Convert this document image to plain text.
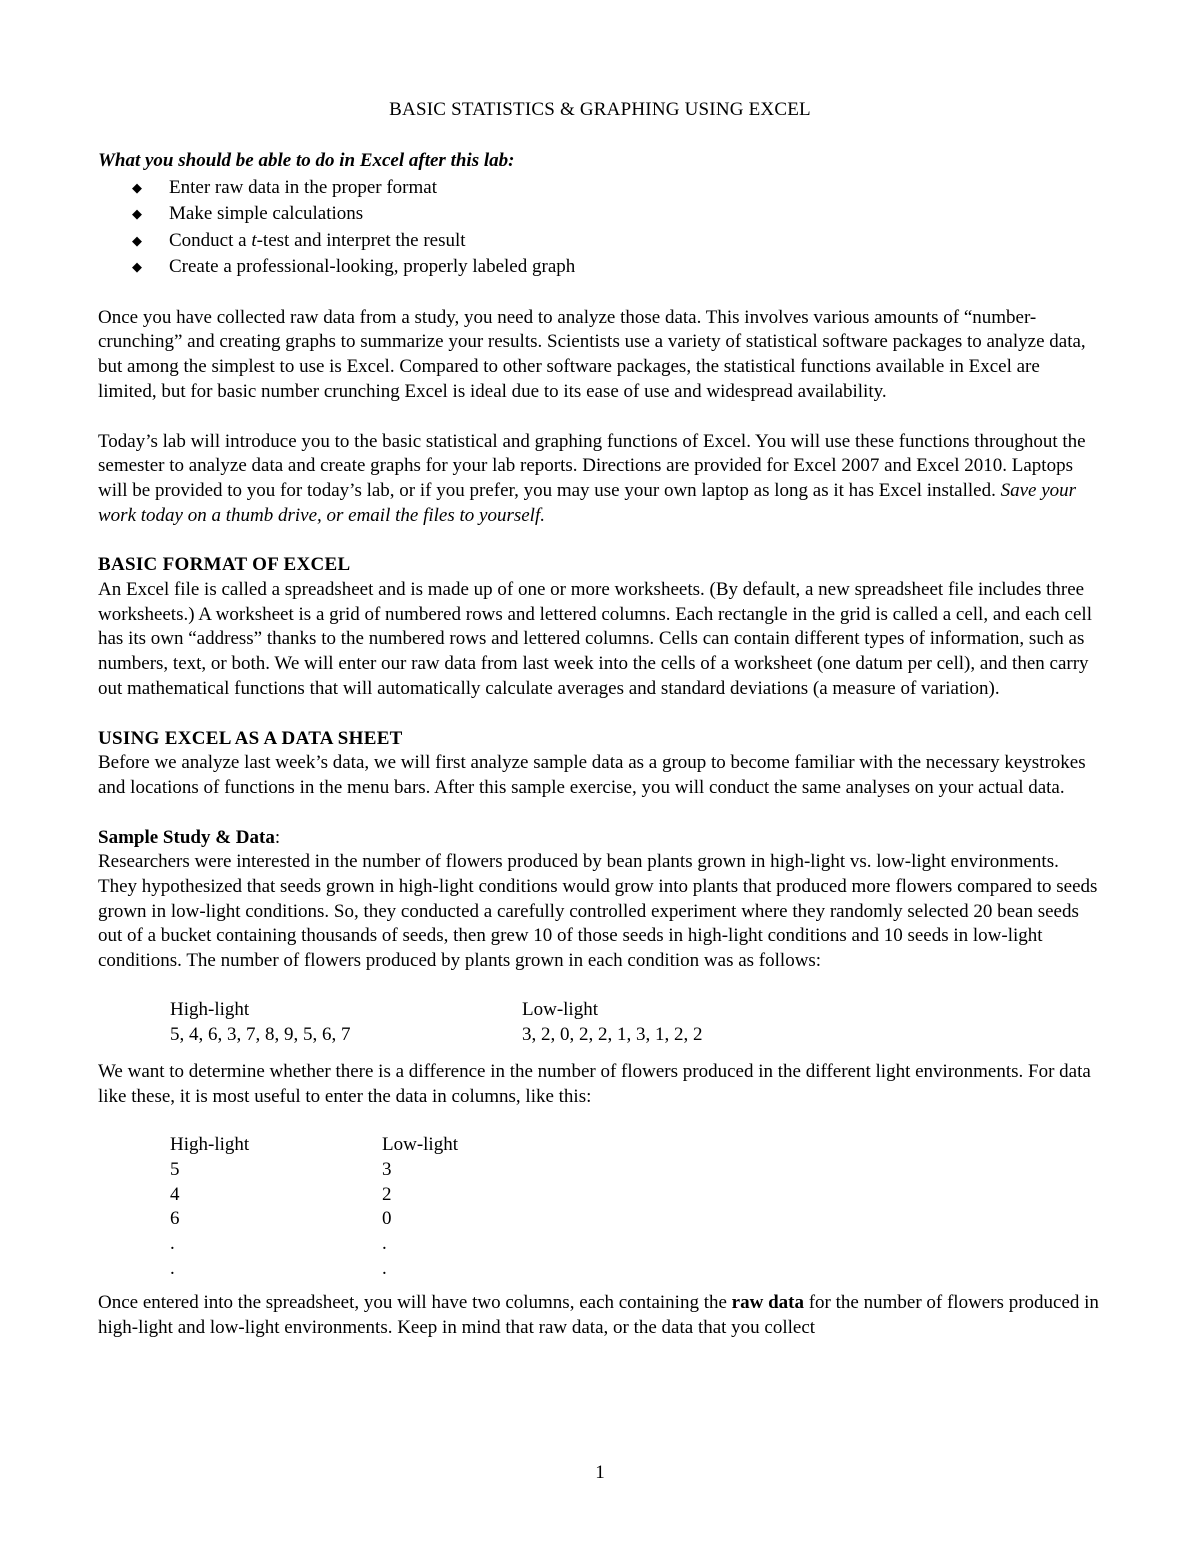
BASIC STATISTICS & GRAPHING USING EXCEL
What you should be able to do in Excel after this lab:
◆ Enter raw data in the proper format
◆ Make simple calculations
◆ Conduct a t-test and interpret the result
◆ Create a professional-looking, properly labeled graph

Once you have collected raw data from a study, you need to analyze those data. This involves various amounts of “number-crunching” and creating graphs to summarize your results. Scientists use a variety of statistical software packages to analyze data, but among the simplest to use is Excel. Compared to other software packages, the statistical functions available in Excel are limited, but for basic number crunching Excel is ideal due to its ease of use and widespread availability.

Today’s lab will introduce you to the basic statistical and graphing functions of Excel. You will use these functions throughout the semester to analyze data and create graphs for your lab reports. Directions are provided for Excel 2007 and Excel 2010. Laptops will be provided to you for today’s lab, or if you prefer, you may use your own laptop as long as it has Excel installed. Save your work today on a thumb drive, or email the files to yourself.

BASIC FORMAT OF EXCEL

An Excel file is called a spreadsheet and is made up of one or more worksheets. (By default, a new spreadsheet file includes three worksheets.) A worksheet is a grid of numbered rows and lettered columns. Each rectangle in the grid is called a cell, and each cell has its own “address” thanks to the numbered rows and lettered columns. Cells can contain different types of information, such as numbers, text, or both. We will enter our raw data from last week into the cells of a worksheet (one datum per cell), and then carry out mathematical functions that will automatically calculate averages and standard deviations (a measure of variation).

USING EXCEL AS A DATA SHEET

Before we analyze last week’s data, we will first analyze sample data as a group to become familiar with the necessary keystrokes and locations of functions in the menu bars. After this sample exercise, you will conduct the same analyses on your actual data.

Sample Study & Data:

Researchers were interested in the number of flowers produced by bean plants grown in high-light vs. low-light environments. They hypothesized that seeds grown in high-light conditions would grow into plants that produced more flowers compared to seeds grown in low-light conditions. So, they conducted a carefully controlled experiment where they randomly selected 20 bean seeds out of a bucket containing thousands of seeds, then grew 10 of those seeds in high-light conditions and 10 seeds in low-light conditions. The number of flowers produced by plants grown in each condition was as follows:

High-light
5, 4, 6, 3, 7, 8, 9, 5, 6, 7
Low-light
3, 2, 0, 2, 2, 1, 3, 1, 2, 2

We want to determine whether there is a difference in the number of flowers produced in the different light environments. For data like these, it is most useful to enter the data in columns, like this:

High-light
5
4
6
.
.
Low-light
3
2
0
.
.

Once entered into the spreadsheet, you will have two columns, each containing the raw data for the number of flowers produced in high-light and low-light environments. Keep in mind that raw data, or the data that you collect

1
